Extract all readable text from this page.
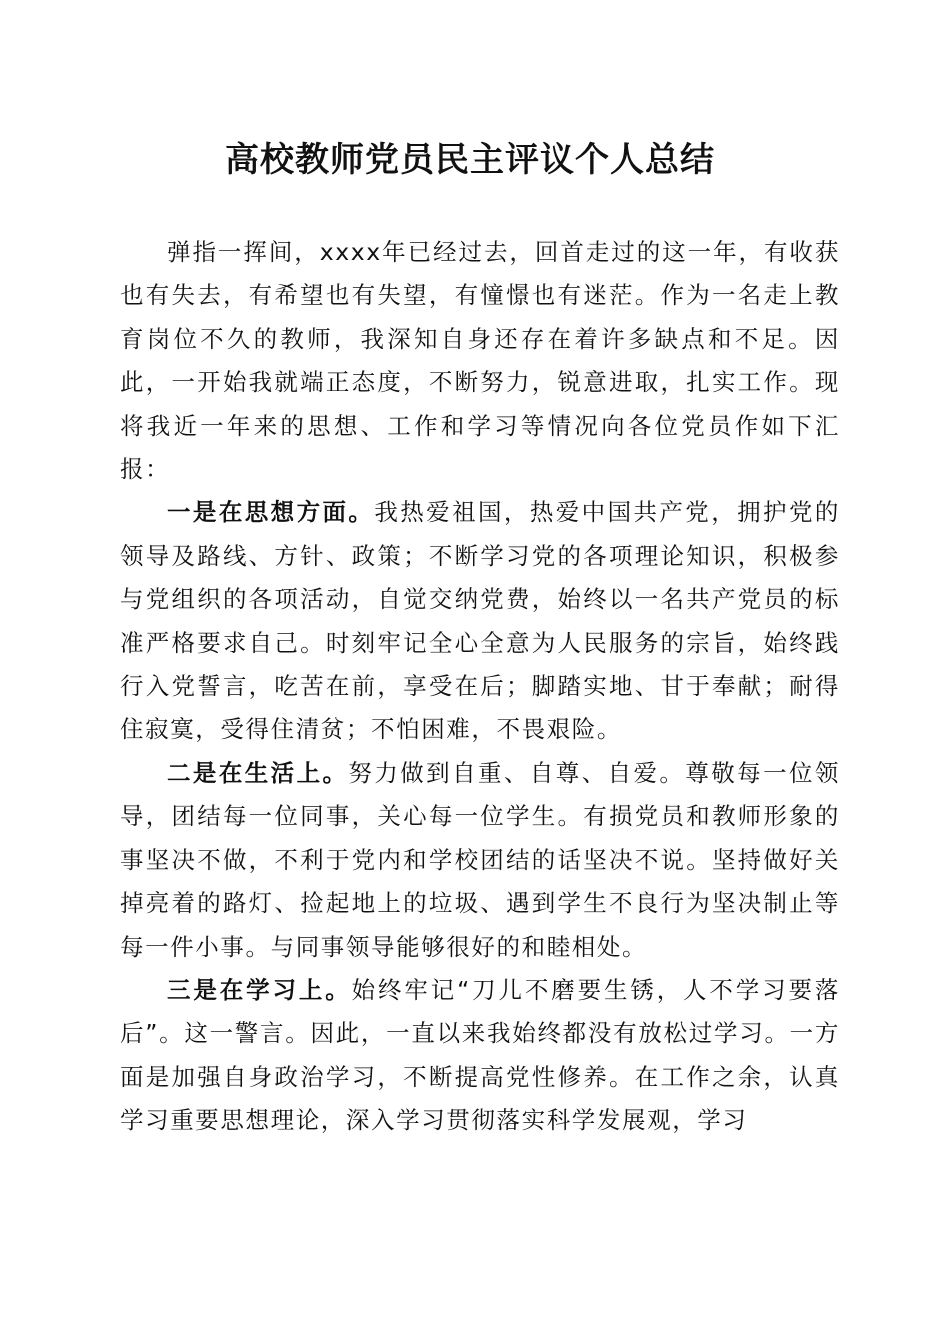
高校教师党员民主评议个人总结

弹指一挥间，xxxx年已经过去，回首走过的这一年，有收获也有失去，有希望也有失望，有憧憬也有迷茫。作为一名走上教育岗位不久的教师，我深知自身还存在着许多缺点和不足。因此，一开始我就端正态度，不断努力，锐意进取，扎实工作。现将我近一年来的思想、工作和学习等情况向各位党员作如下汇报：

一是在思想方面。我热爱祖国，热爱中国共产党，拥护党的领导及路线、方针、政策；不断学习党的各项理论知识，积极参与党组织的各项活动，自觉交纳党费，始终以一名共产党员的标准严格要求自己。时刻牢记全心全意为人民服务的宗旨，始终践行入党誓言，吃苦在前，享受在后；脚踏实地、甘于奉献；耐得住寂寞，受得住清贫；不怕困难，不畏艰险。

二是在生活上。努力做到自重、自尊、自爱。尊敬每一位领导，团结每一位同事，关心每一位学生。有损党员和教师形象的事坚决不做，不利于党内和学校团结的话坚决不说。坚持做好关掉亮着的路灯、捡起地上的垃圾、遇到学生不良行为坚决制止等每一件小事。与同事领导能够很好的和睦相处。

三是在学习上。始终牢记“刀儿不磨要生锈，人不学习要落后”。这一警言。因此，一直以来我始终都没有放松过学习。一方面是加强自身政治学习，不断提高党性修养。在工作之余，认真学习重要思想理论，深入学习贯彻落实科学发展观，学习
